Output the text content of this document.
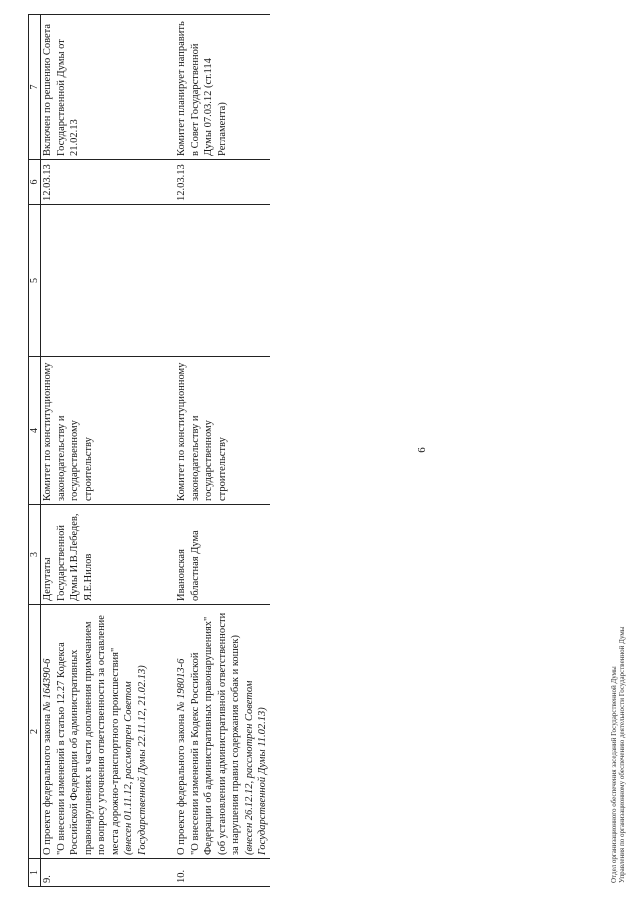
6
1	2	3	4	5	6	7
9.	О проекте федерального закона № 164390-6 "О внесении изменений в статью 12.27 Кодекса Российской Федерации об административных правонарушениях в части дополнения примечанием по вопросу уточнения ответственности за оставление места дорожно-транспортного происшествия" (внесен 01.11.12, рассмотрен Советом Государственной Думы 22.11.12, 21.02.13)	Депутаты Государственной Думы И.В.Лебедев, Я.Е.Нилов	Комитет по конституционному законодательству и государственному строительству		12.03.13	Включен по решению Совета Государственной Думы от 21.02.13

10.	О проекте федерального закона № 198013-6 "О внесении изменений в Кодекс Российской Федерации об административных правонарушениях" (об установлении административной ответственности за нарушения правил содержания собак и кошек) (внесен 26.12.12, рассмотрен Советом Государственной Думы 11.02.13)	Ивановская областная Дума	Комитет по конституционному законодательству и государственному строительству		12.03.13	Комитет планирует направить в Совет Государственной Думы 07.03.12 (ст.114 Регламента)
Отдел организационного обеспечения заседаний Государственной Думы Управления по организационному обеспечению деятельности Государственной Думы
